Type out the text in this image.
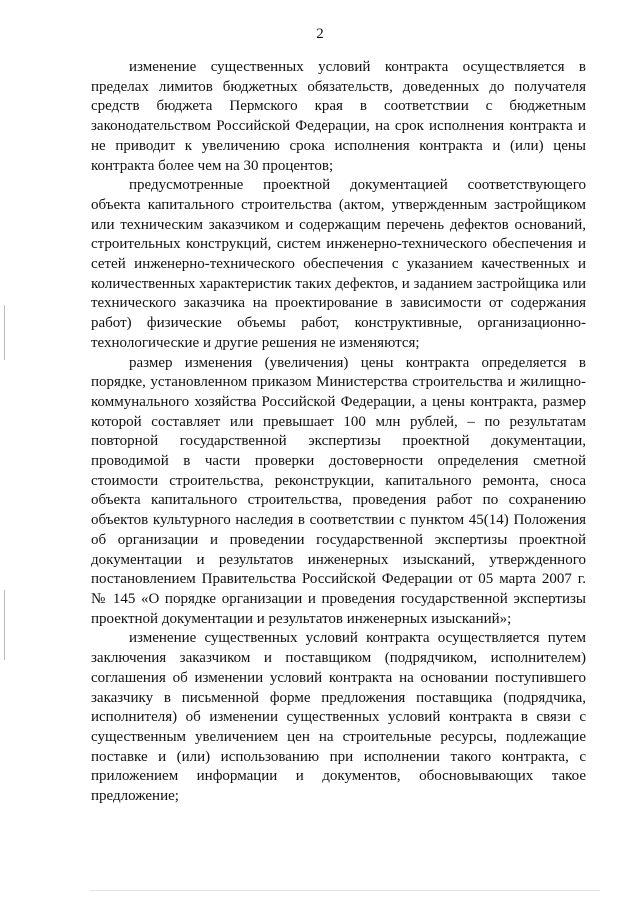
2

изменение существенных условий контракта осуществляется в пределах лимитов бюджетных обязательств, доведенных до получателя средств бюджета Пермского края в соответствии с бюджетным законодательством Российской Федерации, на срок исполнения контракта и не приводит к увеличению срока исполнения контракта и (или) цены контракта более чем на 30 процентов;

предусмотренные проектной документацией соответствующего объекта капитального строительства (актом, утвержденным застройщиком или техническим заказчиком и содержащим перечень дефектов оснований, строительных конструкций, систем инженерно-технического обеспечения и сетей инженерно-технического обеспечения с указанием качественных и количественных характеристик таких дефектов, и заданием застройщика или технического заказчика на проектирование в зависимости от содержания работ) физические объемы работ, конструктивные, организационно-технологические и другие решения не изменяются;

размер изменения (увеличения) цены контракта определяется в порядке, установленном приказом Министерства строительства и жилищно-коммунального хозяйства Российской Федерации, а цены контракта, размер которой составляет или превышает 100 млн рублей, – по результатам повторной государственной экспертизы проектной документации, проводимой в части проверки достоверности определения сметной стоимости строительства, реконструкции, капитального ремонта, сноса объекта капитального строительства, проведения работ по сохранению объектов культурного наследия в соответствии с пунктом 45(14) Положения об организации и проведении государственной экспертизы проектной документации и результатов инженерных изысканий, утвержденного постановлением Правительства Российской Федерации от 05 марта 2007 г. № 145 «О порядке организации и проведения государственной экспертизы проектной документации и результатов инженерных изысканий»;

изменение существенных условий контракта осуществляется путем заключения заказчиком и поставщиком (подрядчиком, исполнителем) соглашения об изменении условий контракта на основании поступившего заказчику в письменной форме предложения поставщика (подрядчика, исполнителя) об изменении существенных условий контракта в связи с существенным увеличением цен на строительные ресурсы, подлежащие поставке и (или) использованию при исполнении такого контракта, с приложением информации и документов, обосновывающих такое предложение;
